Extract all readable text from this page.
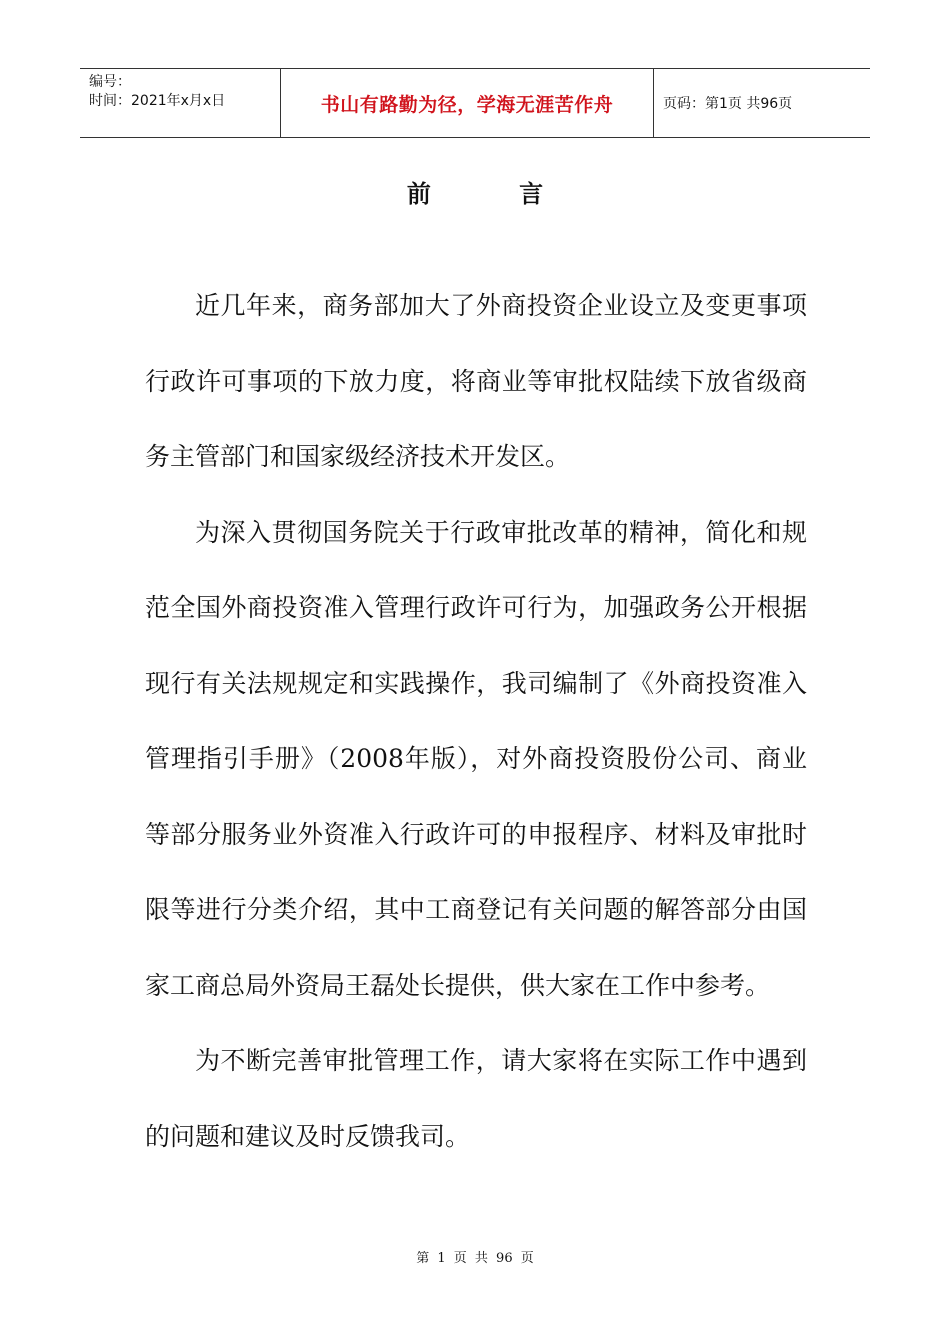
编号：
时间：2021年x月x日	书山有路勤为径，学海无涯苦作舟	页码：第1页 共96页
前 言

近几年来，商务部加大了外商投资企业设立及变更事项行政许可事项的下放力度，将商业等审批权陆续下放省级商务主管部门和国家级经济技术开发区。

为深入贯彻国务院关于行政审批改革的精神，简化和规范全国外商投资准入管理行政许可行为，加强政务公开根据现行有关法规规定和实践操作，我司编制了《外商投资准入管理指引手册》（2008年版），对外商投资股份公司、商业等部分服务业外资准入行政许可的申报程序、材料及审批时限等进行分类介绍，其中工商登记有关问题的解答部分由国家工商总局外资局王磊处长提供，供大家在工作中参考。

为不断完善审批管理工作，请大家将在实际工作中遇到的问题和建议及时反馈我司。

第 1 页 共 96 页
